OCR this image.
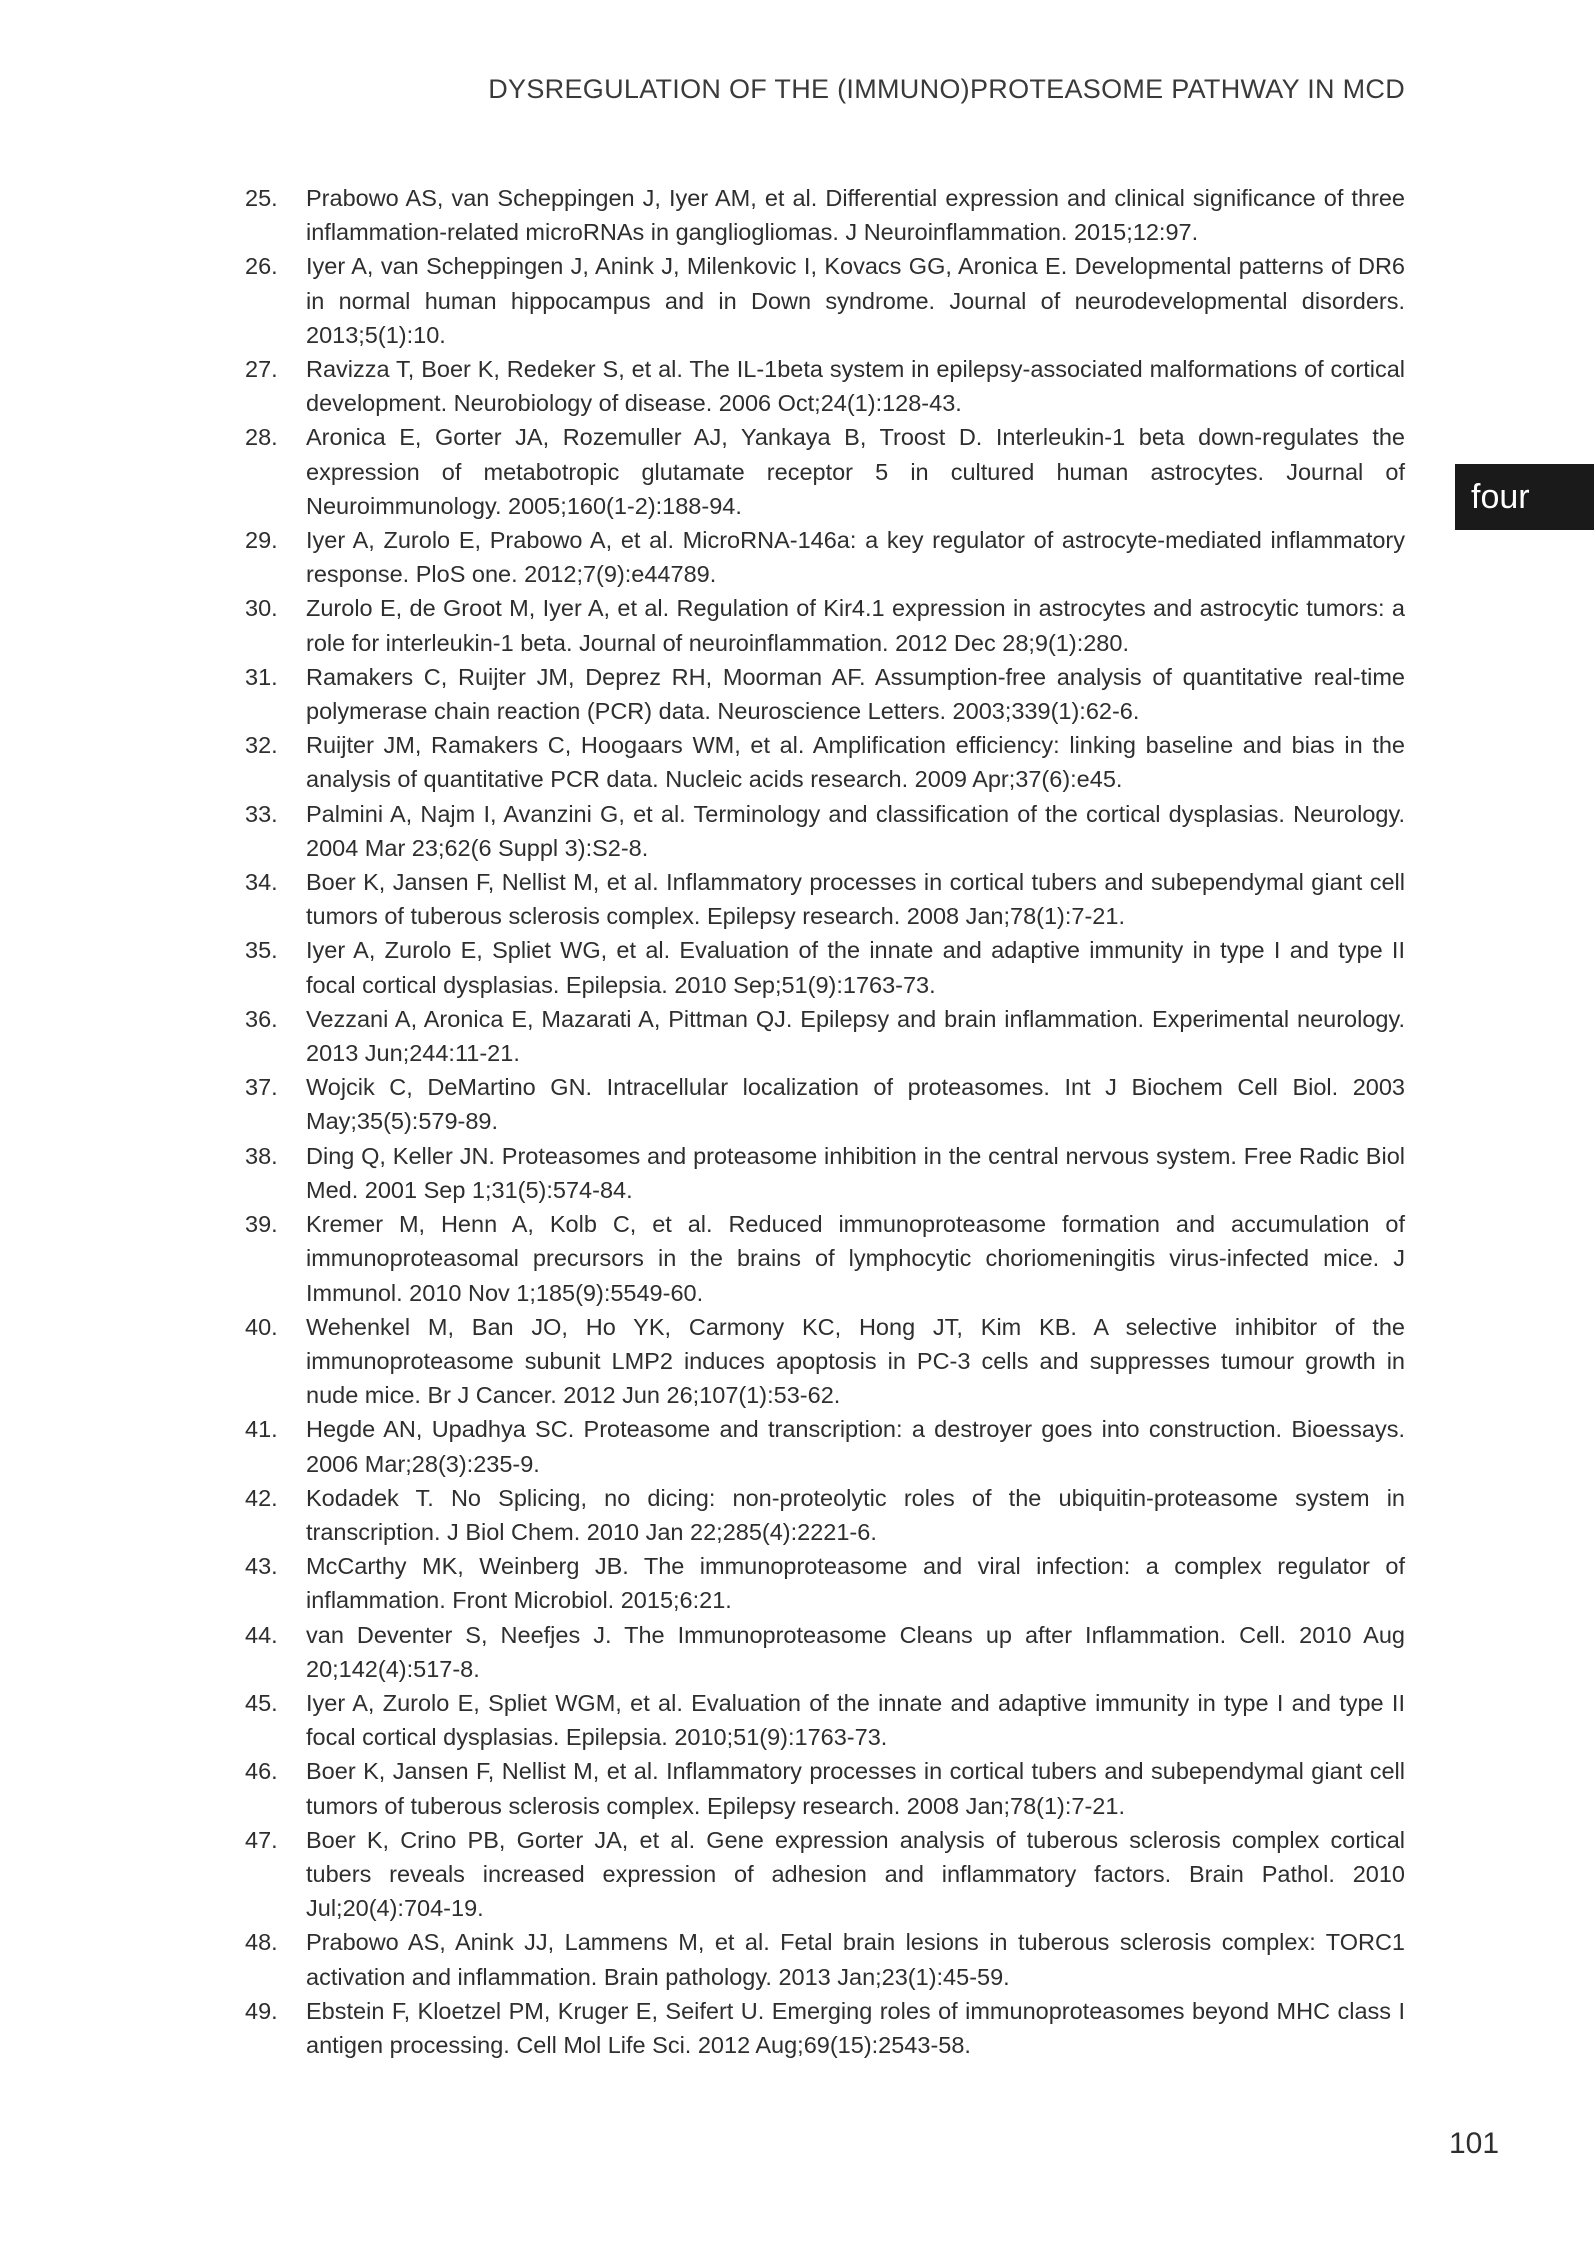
DYSREGULATION OF THE (IMMUNO)PROTEASOME PATHWAY IN MCD
four
25.	Prabowo AS, van Scheppingen J, Iyer AM, et al. Differential expression and clinical significance of three inflammation-related microRNAs in gangliogliomas. J Neuroinflammation. 2015;12:97.
26.	Iyer A, van Scheppingen J, Anink J, Milenkovic I, Kovacs GG, Aronica E. Developmental patterns of DR6 in normal human hippocampus and in Down syndrome. Journal of neurodevelopmental disorders. 2013;5(1):10.
27.	Ravizza T, Boer K, Redeker S, et al. The IL-1beta system in epilepsy-associated malformations of cortical development. Neurobiology of disease. 2006 Oct;24(1):128-43.
28.	Aronica E, Gorter JA, Rozemuller AJ, Yankaya B, Troost D. Interleukin-1 beta down-regulates the expression of metabotropic glutamate receptor 5 in cultured human astrocytes. Journal of Neuroimmunology. 2005;160(1-2):188-94.
29.	Iyer A, Zurolo E, Prabowo A, et al. MicroRNA-146a: a key regulator of astrocyte-mediated inflammatory response. PloS one. 2012;7(9):e44789.
30.	Zurolo E, de Groot M, Iyer A, et al. Regulation of Kir4.1 expression in astrocytes and astrocytic tumors: a role for interleukin-1 beta. Journal of neuroinflammation. 2012 Dec 28;9(1):280.
31.	Ramakers C, Ruijter JM, Deprez RH, Moorman AF. Assumption-free analysis of quantitative real-time polymerase chain reaction (PCR) data. Neuroscience Letters. 2003;339(1):62-6.
32.	Ruijter JM, Ramakers C, Hoogaars WM, et al. Amplification efficiency: linking baseline and bias in the analysis of quantitative PCR data. Nucleic acids research. 2009 Apr;37(6):e45.
33.	Palmini A, Najm I, Avanzini G, et al. Terminology and classification of the cortical dysplasias. Neurology. 2004 Mar 23;62(6 Suppl 3):S2-8.
34.	Boer K, Jansen F, Nellist M, et al. Inflammatory processes in cortical tubers and subependymal giant cell tumors of tuberous sclerosis complex. Epilepsy research. 2008 Jan;78(1):7-21.
35.	Iyer A, Zurolo E, Spliet WG, et al. Evaluation of the innate and adaptive immunity in type I and type II focal cortical dysplasias. Epilepsia. 2010 Sep;51(9):1763-73.
36.	Vezzani A, Aronica E, Mazarati A, Pittman QJ. Epilepsy and brain inflammation. Experimental neurology. 2013 Jun;244:11-21.
37.	Wojcik C, DeMartino GN. Intracellular localization of proteasomes. Int J Biochem Cell Biol. 2003 May;35(5):579-89.
38.	Ding Q, Keller JN. Proteasomes and proteasome inhibition in the central nervous system. Free Radic Biol Med. 2001 Sep 1;31(5):574-84.
39.	Kremer M, Henn A, Kolb C, et al. Reduced immunoproteasome formation and accumulation of immunoproteasomal precursors in the brains of lymphocytic choriomeningitis virus-infected mice. J Immunol. 2010 Nov 1;185(9):5549-60.
40.	Wehenkel M, Ban JO, Ho YK, Carmony KC, Hong JT, Kim KB. A selective inhibitor of the immunoproteasome subunit LMP2 induces apoptosis in PC-3 cells and suppresses tumour growth in nude mice. Br J Cancer. 2012 Jun 26;107(1):53-62.
41.	Hegde AN, Upadhya SC. Proteasome and transcription: a destroyer goes into construction. Bioessays. 2006 Mar;28(3):235-9.
42.	Kodadek T. No Splicing, no dicing: non-proteolytic roles of the ubiquitin-proteasome system in transcription. J Biol Chem. 2010 Jan 22;285(4):2221-6.
43.	McCarthy MK, Weinberg JB. The immunoproteasome and viral infection: a complex regulator of inflammation. Front Microbiol. 2015;6:21.
44.	van Deventer S, Neefjes J. The Immunoproteasome Cleans up after Inflammation. Cell. 2010 Aug 20;142(4):517-8.
45.	Iyer A, Zurolo E, Spliet WGM, et al. Evaluation of the innate and adaptive immunity in type I and type II focal cortical dysplasias. Epilepsia. 2010;51(9):1763-73.
46.	Boer K, Jansen F, Nellist M, et al. Inflammatory processes in cortical tubers and subependymal giant cell tumors of tuberous sclerosis complex. Epilepsy research. 2008 Jan;78(1):7-21.
47.	Boer K, Crino PB, Gorter JA, et al. Gene expression analysis of tuberous sclerosis complex cortical tubers reveals increased expression of adhesion and inflammatory factors. Brain Pathol. 2010 Jul;20(4):704-19.
48.	Prabowo AS, Anink JJ, Lammens M, et al. Fetal brain lesions in tuberous sclerosis complex: TORC1 activation and inflammation. Brain pathology. 2013 Jan;23(1):45-59.
49.	Ebstein F, Kloetzel PM, Kruger E, Seifert U. Emerging roles of immunoproteasomes beyond MHC class I antigen processing. Cell Mol Life Sci. 2012 Aug;69(15):2543-58.
101
